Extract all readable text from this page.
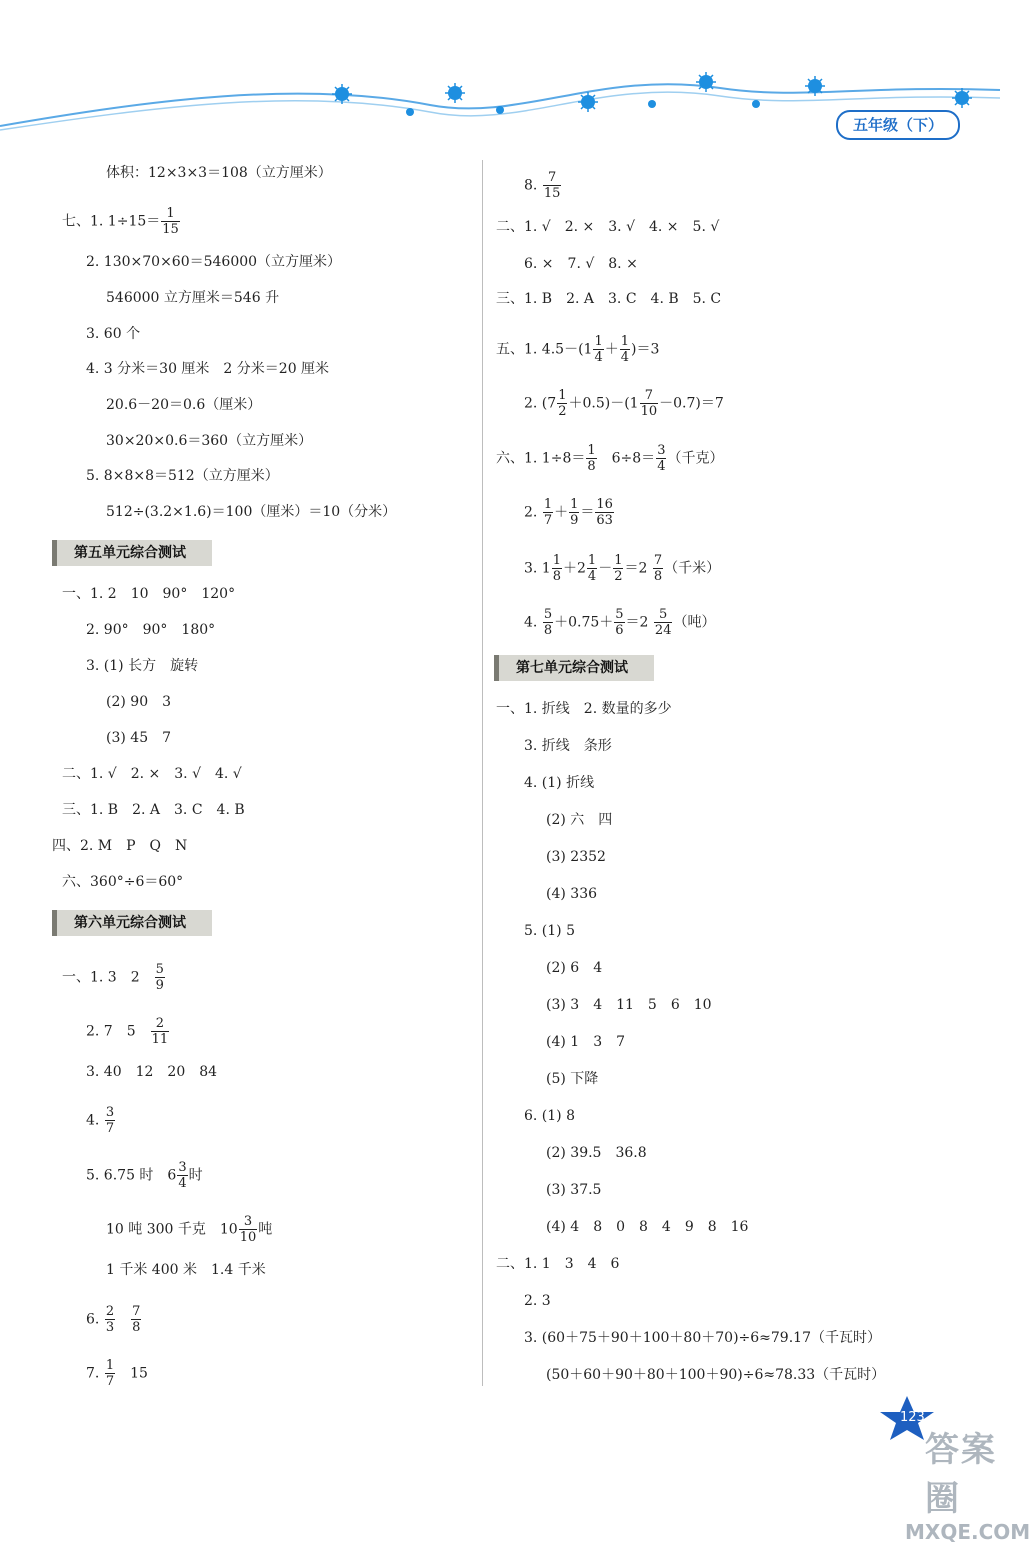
五年级（下）
体积：12×3×3＝108（立方厘米）
七、1. $1\div 15= \frac{1}{15}$
2. 130×70×60＝546000（立方厘米）
546000 立方厘米＝546 升
3. 60 个
4. 3 分米＝30 厘米　2 分米＝20 厘米
20.6－20＝0.6（厘米）
30×20×0.6＝360（立方厘米）
5. 8×8×8＝512（立方厘米）
512÷(3.2×1.6)＝100（厘米）＝10（分米）
第五单元综合测试
一、1. 2　10　90°　120°
2. 90°　90°　180°
3. (1) 长方　旋转
(2) 90　3
(3) 45　7
二、1. √　2. ×　3. √　4. √
三、1. B　2. A　3. C　4. B
四、2. M　P　Q　N
六、360°÷6＝60°
第六单元综合测试
一、1. 3　2　 $\frac{5}{9}$
2. 7　5　 $\frac{2}{11}$
3. 40　12　20　84
4. $\frac{3}{7}$
5. 6.75 时　$6 \frac{3}{4}$ 时
10 吨 300 千克　$10 \frac{3}{10}$ 吨
1 千米 400 米　1.4 千米
6. $\frac{2}{3}$
　 $\frac{7}{8}$
7. $\frac{1}{7}$
　 15
8. $\frac{7}{15}$
二、1. √　2. ×　3. √　4. ×　5. √
6. ×　7. √　8. ×
三、1. B　2. A　3. C　4. B　5. C
五、1. $4.5-(1 \frac{1}{4} + \frac{1}{4} )=3$
2. $(7 \frac{1}{2} +0.5)-(1 \frac{7}{10} -0.7)=7$
六、1. $1\div 8= \frac{1}{8}$ 　$6\div 8= \frac{3}{4}$ （千克）
2. $\frac{1}{7} + \frac{1}{9} = \frac{16}{63}$
3. $1 \frac{1}{8} +2 \frac{1}{4} - \frac{1}{2} =2 \frac{7}{8}$ （千米）
4. $\frac{5}{8} +0.75+ \frac{5}{6} =2 \frac{5}{24}$ （吨）
第七单元综合测试
一、1. 折线　2. 数量的多少
3. 折线　条形
4. (1) 折线
(2) 六　四
(3) 2352
(4) 336
5. (1) 5
(2) 6　4
(3) 3　4　11　5　6　10
(4) 1　3　7
(5) 下降
6. (1) 8
(2) 39.5　36.8
(3) 37.5
(4) 4　8　0　8　4　9　8　16
二、1. 1　3　4　6
2. 3
3. (60＋75＋90＋100＋80＋70)÷6≈79.17（千瓦时）
(50＋60＋90＋80＋100＋90)÷6≈78.33（千瓦时）
123
答案圈
MXQE.COM
